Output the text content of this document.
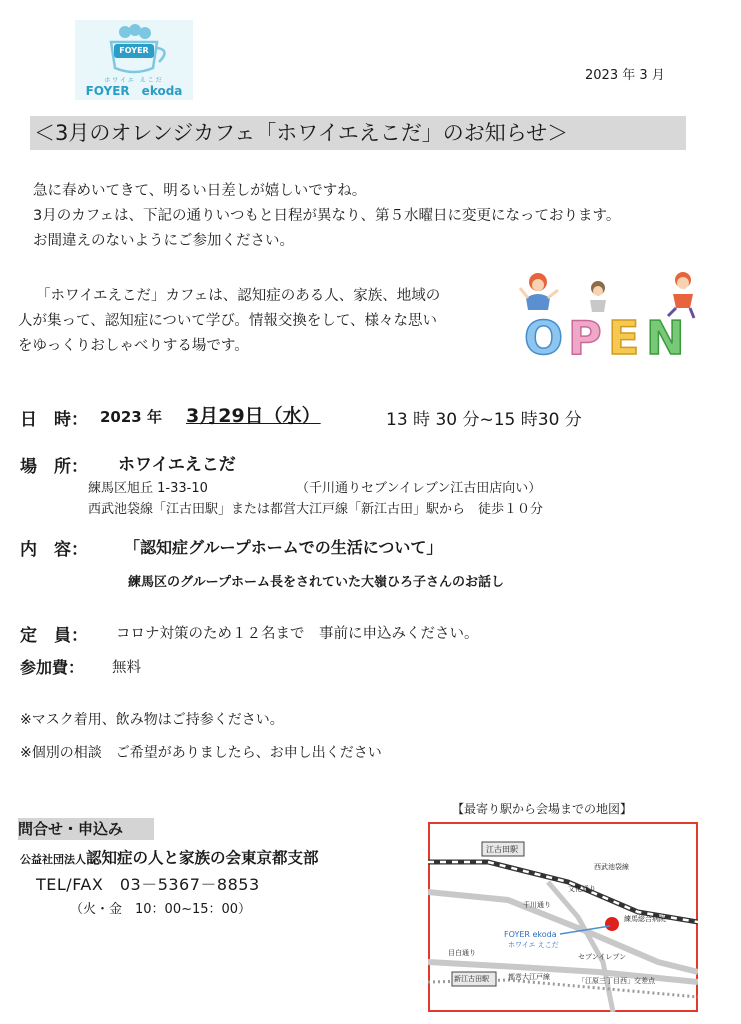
FOYER
ホワイエ えこだ
FOYER　ekoda
2023 年 3 月
＜3月のオレンジカフェ「ホワイエえこだ」のお知らせ＞
急に春めいてきて、明るい日差しが嬉しいですね。
3月のカフェは、下記の通りいつもと日程が異なり、第５水曜日に変更になっております。
お間違えのないようにご参加ください。
「ホワイエえこだ」カフェは、認知症のある人、家族、地域の
人が集って、認知症について学び。情報交換をして、様々な思い
をゆっくりおしゃべりする場です。	O P E N
日　時： 2023 年 3月29日（水）	13 時 30 分~15 時30 分
場　所： ホワイエえこだ
練馬区旭丘 1-33-10	（千川通りセブンイレブン江古田店向い）
西武池袋線「江古田駅」または都営大江戸線「新江古田」駅から　徒歩１０分
内　容： 「認知症グループホームでの生活について」
練馬区のグループホーム長をされていた大嶺ひろ子さんのお話し
定　員： コロナ対策のため１２名まで　事前に申込みください。
参加費： 無料
※マスク着用、飲み物はご持参ください。
※個別の相談　ご希望がありましたら、お申し出ください
問合せ・申込み
公益社団法人認知症の人と家族の会東京都支部
TEL/FAX　03－5367－8853
（火・金　10：00~15：00）
【最寄り駅から会場までの地図】
江古田駅
西武池袋線
千川通り
文化通り
練馬総合病院
FOYER ekoda
ホワイエ えこだ
セブンイレブン
目白通り
新江古田駅	都営大江戸線	「江原三丁目西」交差点
